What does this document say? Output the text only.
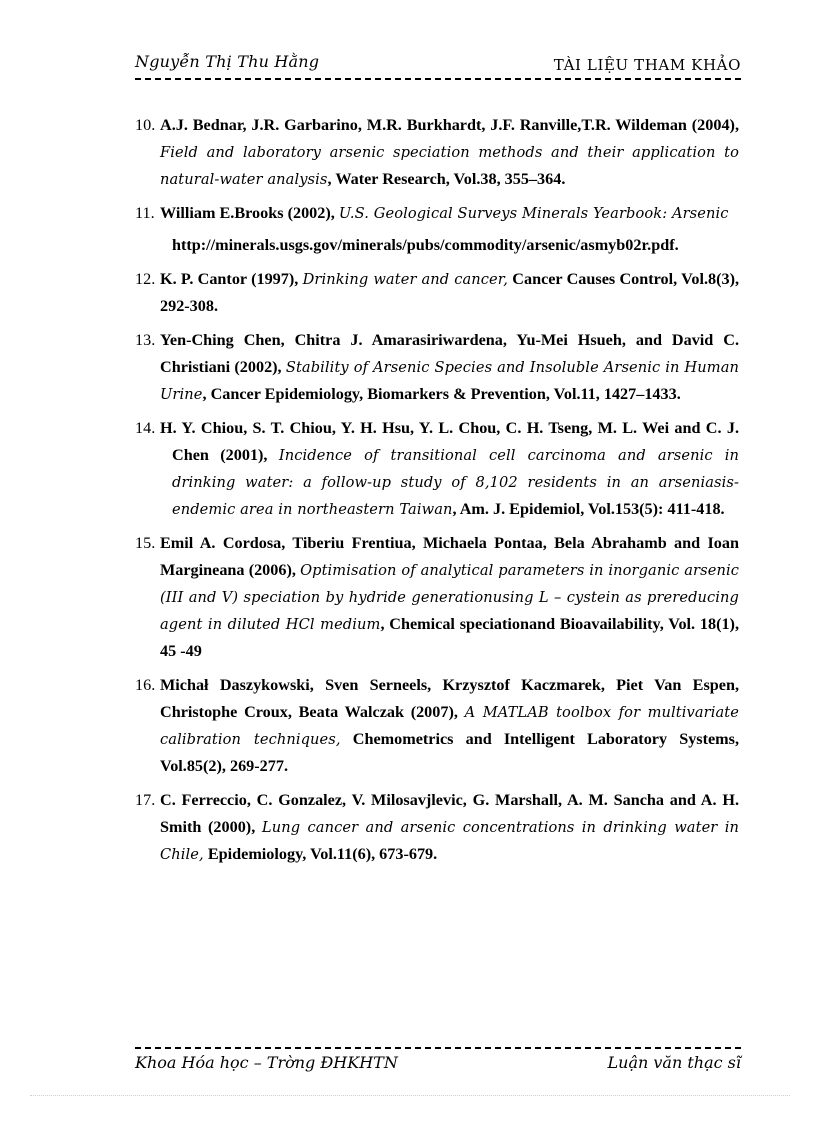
Nguyễn Thị Thu Hằng	TÀI LIỆU THAM KHẢO
10. A.J. Bednar, J.R. Garbarino, M.R. Burkhardt, J.F. Ranville,T.R. Wildeman (2004), Field and laboratory arsenic speciation methods and their application to natural-water analysis, Water Research, Vol.38, 355–364.
11. William E.Brooks (2002), U.S. Geological Surveys Minerals Yearbook: Arsenic
http://minerals.usgs.gov/minerals/pubs/commodity/arsenic/asmyb02r.pdf.
12. K. P. Cantor (1997), Drinking water and cancer, Cancer Causes Control, Vol.8(3), 292-308.
13. Yen-Ching Chen, Chitra J. Amarasiriwardena, Yu-Mei Hsueh, and David C. Christiani (2002), Stability of Arsenic Species and Insoluble Arsenic in Human Urine, Cancer Epidemiology, Biomarkers & Prevention, Vol.11, 1427–1433.
14. H. Y. Chiou, S. T. Chiou, Y. H. Hsu, Y. L. Chou, C. H. Tseng, M. L. Wei and C. J. Chen (2001), Incidence of transitional cell carcinoma and arsenic in drinking water: a follow-up study of 8,102 residents in an arseniasis-endemic area in northeastern Taiwan, Am. J. Epidemiol, Vol.153(5): 411-418.
15. Emil A. Cordosa, Tiberiu Frentiua, Michaela Pontaa, Bela Abrahamb and Ioan Margineana (2006), Optimisation of analytical parameters in inorganic arsenic (III and V) speciation by hydride generationusing L – cystein as prereducing agent in diluted HCl medium, Chemical speciationand Bioavailability, Vol. 18(1), 45 -49
16. Michał Daszykowski, Sven Serneels, Krzysztof Kaczmarek, Piet Van Espen, Christophe Croux, Beata Walczak (2007), A MATLAB toolbox for multivariate calibration techniques, Chemometrics and Intelligent Laboratory Systems, Vol.85(2), 269-277.
17. C. Ferreccio, C. Gonzalez, V. Milosavjlevic, G. Marshall, A. M. Sancha and A. H. Smith (2000), Lung cancer and arsenic concentrations in drinking water in Chile, Epidemiology, Vol.11(6), 673-679.
Khoa Hóa học – Trờng ĐHKHTN	Luận văn thạc sĩ
